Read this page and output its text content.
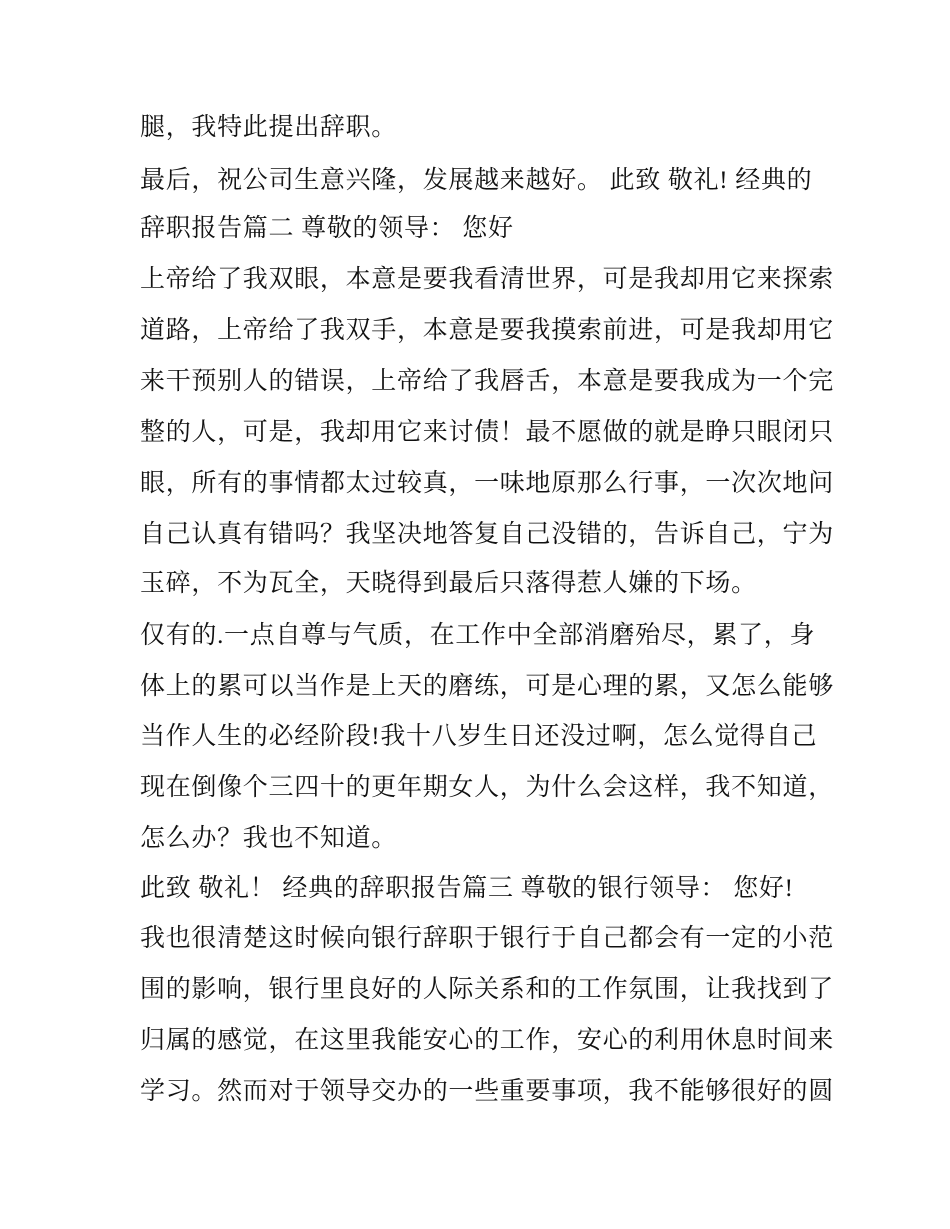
腿，我特此提出辞职。
最后，祝公司生意兴隆，发展越来越好。 此致 敬礼! 经典的
辞职报告篇二 尊敬的领导： 您好
上帝给了我双眼，本意是要我看清世界，可是我却用它来探索
道路，上帝给了我双手，本意是要我摸索前进，可是我却用它
来干预别人的错误，上帝给了我唇舌，本意是要我成为一个完
整的人，可是，我却用它来讨债！最不愿做的就是睁只眼闭只
眼，所有的事情都太过较真，一味地原那么行事，一次次地问
自己认真有错吗？我坚决地答复自己没错的，告诉自己，宁为
玉碎，不为瓦全，天晓得到最后只落得惹人嫌的下场。
仅有的.一点自尊与气质，在工作中全部消磨殆尽，累了，身
体上的累可以当作是上天的磨练，可是心理的累，又怎么能够
当作人生的必经阶段!我十八岁生日还没过啊，怎么觉得自己
现在倒像个三四十的更年期女人，为什么会这样，我不知道，
怎么办？我也不知道。
此致 敬礼！ 经典的辞职报告篇三 尊敬的银行领导： 您好!
我也很清楚这时候向银行辞职于银行于自己都会有一定的小范
围的影响，银行里良好的人际关系和的工作氛围，让我找到了
归属的感觉，在这里我能安心的工作，安心的利用休息时间来
学习。然而对于领导交办的一些重要事项，我不能够很好的圆
